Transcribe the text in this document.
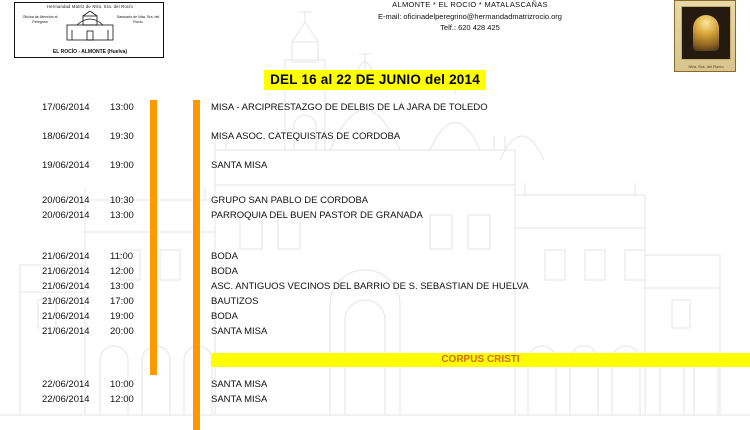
Hermandad Matriz de Ntra. Sra. del Rocío
Oficina de Atención al Peregrino
Santuario de Ntra. Sra. del Rocío
EL ROCÍO - ALMONTE (Huelva)
ALMONTE * EL ROCIO * MATALASCAÑAS
E-mail: oficinadelperegrino@hermandadmatrizrocio.org
Telf.: 620 428 425
Ntra. Sra. del Rocío
DEL 16 al 22 DE JUNIO del 2014
17/06/2014	13:00	MISA - ARCIPRESTAZGO DE DELBIS DE LA JARA DE TOLEDO
18/06/2014	19:30	MISA ASOC. CATEQUISTAS DE CORDOBA
19/06/2014	19:00	SANTA MISA
20/06/2014	10:30	GRUPO SAN PABLO DE CORDOBA
20/06/2014	13:00	PARROQUIA DEL BUEN PASTOR DE GRANADA
21/06/2014	11:00	BODA
21/06/2014	12:00	BODA
21/06/2014	13:00	ASC. ANTIGUOS VECINOS DEL BARRIO DE S. SEBASTIAN DE HUELVA
21/06/2014	17:00	BAUTIZOS
21/06/2014	19:00	BODA
21/06/2014	20:00	SANTA MISA
CORPUS CRISTI
22/06/2014	10:00	SANTA MISA
22/06/2014	12:00	SANTA MISA
